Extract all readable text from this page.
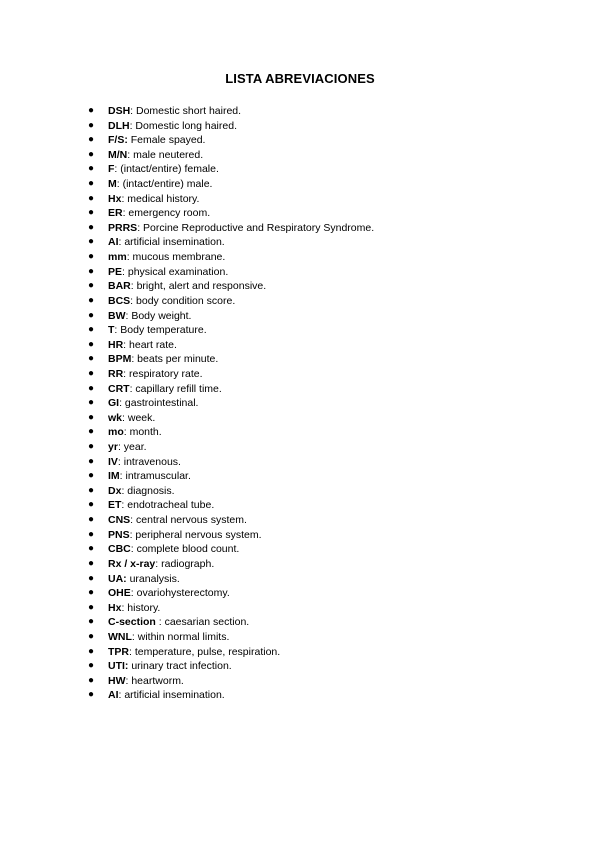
LISTA ABREVIACIONES
● DSH: Domestic short haired.
● DLH: Domestic long haired.
● F/S: Female spayed.
● M/N: male neutered.
● F: (intact/entire) female.
● M: (intact/entire) male.
● Hx: medical history.
● ER: emergency room.
● PRRS: Porcine Reproductive and Respiratory Syndrome.
● AI: artificial insemination.
● mm: mucous membrane.
● PE: physical examination.
● BAR: bright, alert and responsive.
● BCS: body condition score.
● BW: Body weight.
● T: Body temperature.
● HR: heart rate.
● BPM: beats per minute.
● RR: respiratory rate.
● CRT: capillary refill time.
● GI: gastrointestinal.
● wk: week.
● mo: month.
● yr: year.
● IV: intravenous.
● IM: intramuscular.
● Dx: diagnosis.
● ET: endotracheal tube.
● CNS: central nervous system.
● PNS: peripheral nervous system.
● CBC: complete blood count.
● Rx / x-ray: radiograph.
● UA: uranalysis.
● OHE: ovariohysterectomy.
● Hx: history.
● C-section : caesarian section.
● WNL: within normal limits.
● TPR: temperature, pulse, respiration.
● UTI: urinary tract infection.
● HW: heartworm.
● AI: artificial insemination.
